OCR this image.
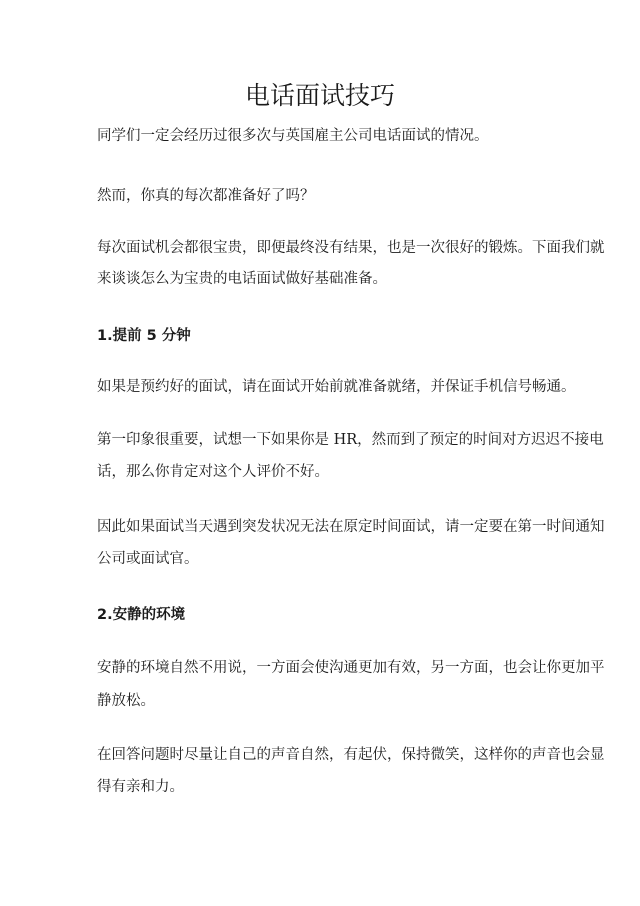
电话面试技巧

同学们一定会经历过很多次与英国雇主公司电话面试的情况。

然而，你真的每次都准备好了吗？

每次面试机会都很宝贵，即便最终没有结果，也是一次很好的锻炼。下面我们就

来谈谈怎么为宝贵的电话面试做好基础准备。

1.提前 5 分钟

如果是预约好的面试，请在面试开始前就准备就绪，并保证手机信号畅通。

第一印象很重要，试想一下如果你是 HR，然而到了预定的时间对方迟迟不接电

话，那么你肯定对这个人评价不好。

因此如果面试当天遇到突发状况无法在原定时间面试，请一定要在第一时间通知

公司或面试官。

2.安静的环境

安静的环境自然不用说，一方面会使沟通更加有效，另一方面，也会让你更加平

静放松。

在回答问题时尽量让自己的声音自然，有起伏，保持微笑，这样你的声音也会显

得有亲和力。
